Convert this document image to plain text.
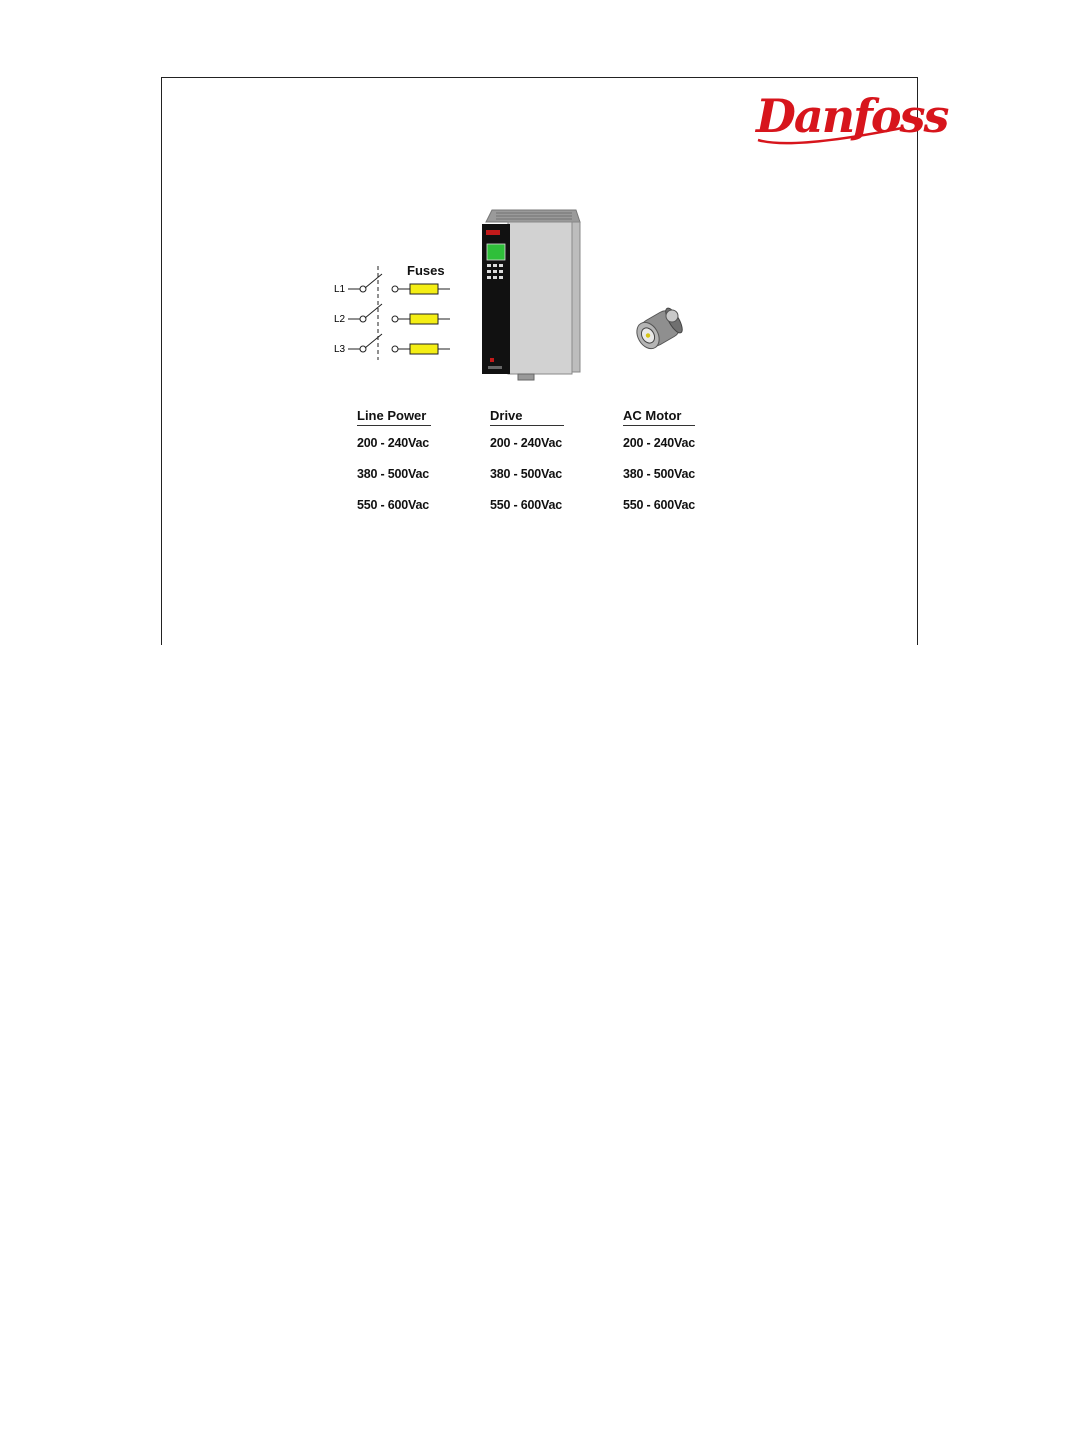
Danfoss
L1
L2
L3
Fuses
Line Power
200 - 240Vac
380 - 500Vac
550 - 600Vac
Drive
200 - 240Vac
380 - 500Vac
550 - 600Vac
AC Motor
200 - 240Vac
380 - 500Vac
550 - 600Vac
